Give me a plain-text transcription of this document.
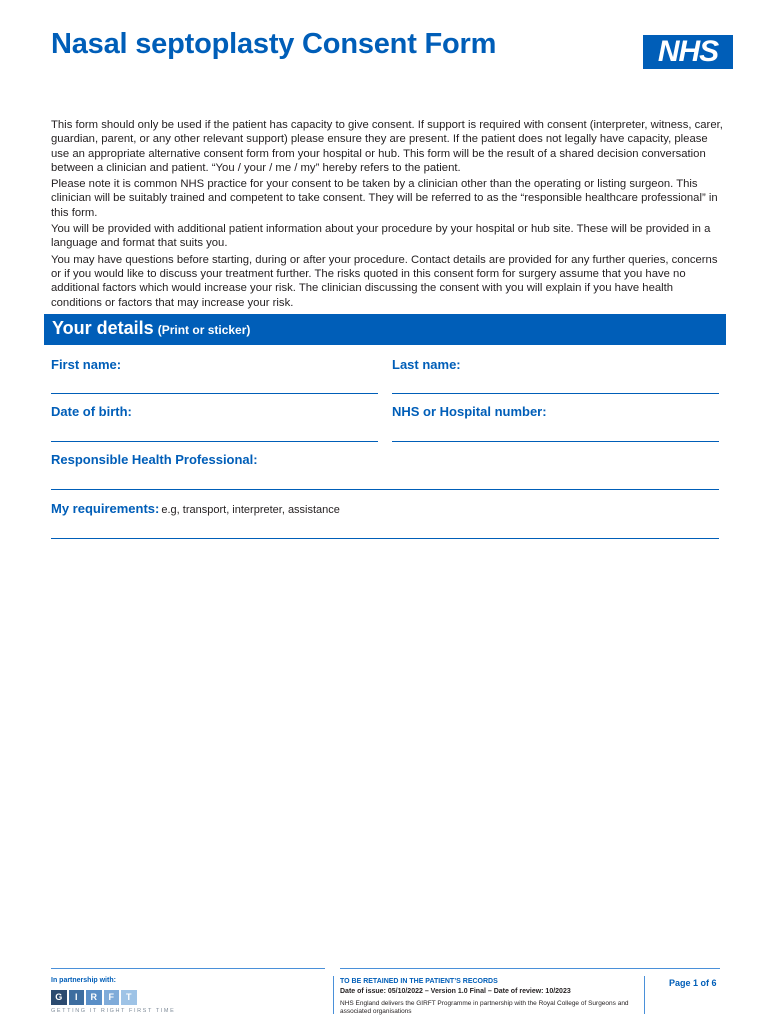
Nasal septoplasty Consent Form	NHS

This form should only be used if the patient has capacity to give consent. If support is required with consent (interpreter, witness, carer, guardian, parent, or any other relevant support) please ensure they are present. If the patient does not legally have capacity, please use an appropriate alternative consent form from your hospital or hub. This form will be the result of a shared decision conversation between a clinician and patient. “You / your / me / my” hereby refers to the patient.

Please note it is common NHS practice for your consent to be taken by a clinician other than the operating or listing surgeon. This clinician will be suitably trained and competent to take consent. They will be referred to as the “responsible healthcare professional” in this form.

You will be provided with additional patient information about your procedure by your hospital or hub site. These will be provided in a language and format that suits you.

You may have questions before starting, during or after your procedure. Contact details are provided for any further queries, concerns or if you would like to discuss your treatment further. The risks quoted in this consent form for surgery assume that you have no additional factors which would increase your risk. The clinician discussing the consent with you will explain if you have health conditions or factors that may increase your risk.

Your details (Print or sticker)
First name:	Last name:
Date of birth:	NHS or Hospital number:
Responsible Health Professional:
My requirements: e.g, transport, interpreter, assistance
In partnership with:
G	I	R	F	T
GETTING IT RIGHT FIRST TIME
TO BE RETAINED IN THE PATIENT’S RECORDS
Date of issue: 05/10/2022 – Version 1.0 Final – Date of review: 10/2023
NHS England delivers the GIRFT Programme in partnership with the Royal College of Surgeons and associated organisations
Page 1 of 6
